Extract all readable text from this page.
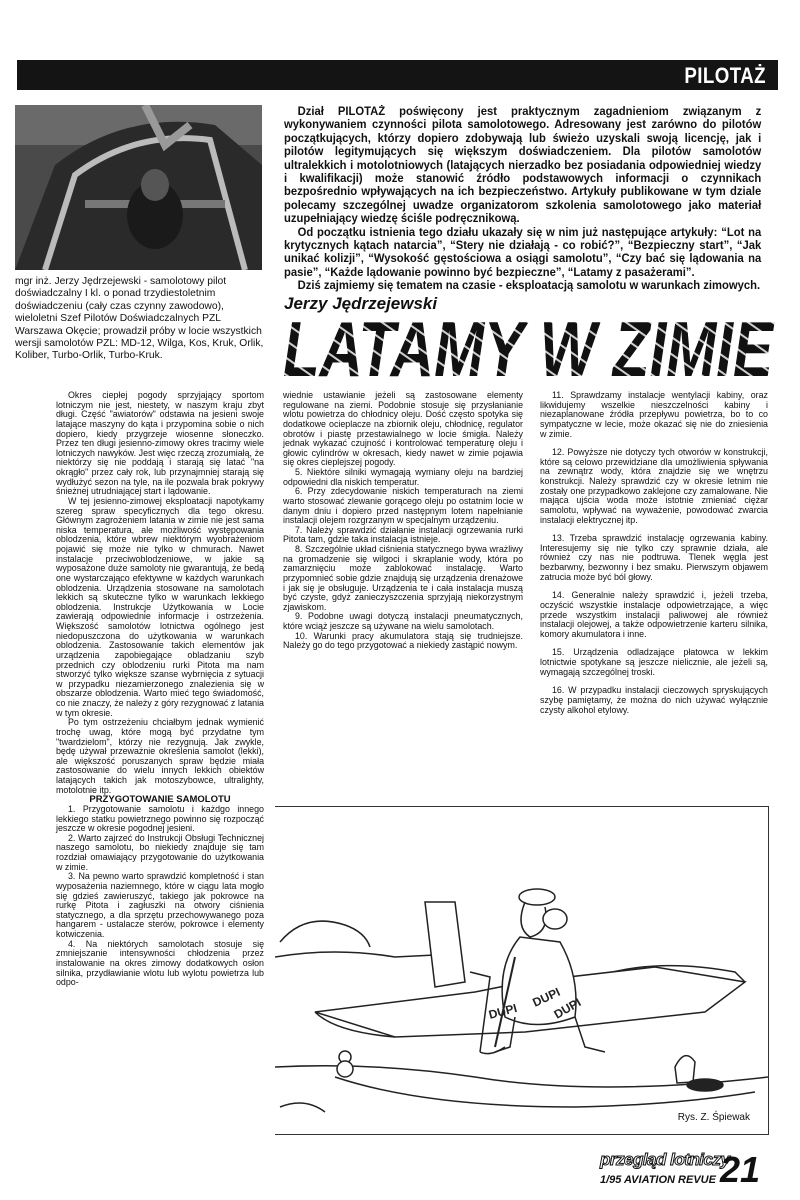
PILOTAŻ
mgr inż. Jerzy Jędrzejewski - samolotowy pilot doświadczalny I kl. o ponad trzydiestoletnim doświadczeniu (cały czas czynny zawodowo), wieloletni Szef Pilotów Doświadczalnych PZL Warszawa Okęcie; prowadził próby w locie wszystkich wersji samolotów PZL: MD-12, Wilga, Kos, Kruk, Orlik, Koliber, Turbo-Orlik, Turbo-Kruk.

Dział PILOTAŻ poświęcony jest praktycznym zagadnieniom związanym z wykonywaniem czynności pilota samolotowego. Adresowany jest zarówno do pilotów początkujących, którzy dopiero zdobywają lub świeżo uzyskali swoją licencję, jak i pilotów legitymujących się większym doświadczeniem. Dla pilotów samolotów ultralekkich i motolotniowych (latających nierzadko bez posiadania odpowiedniej wiedzy i kwalifikacji) może stanowić źródło podstawowych informacji o czynnikach bezpośrednio wpływających na ich bezpieczeństwo. Artykuły publikowane w tym dziale polecamy szczególnej uwadze organizatorom szkolenia samolotowego jako materiał uzupełniający wiedzę ściśle podręcznikową.

Od początku istnienia tego działu ukazały się w nim już następujące artykuły: “Lot na krytycznych kątach natarcia”, “Stery nie działają - co robić?”, “Bezpieczny start”, “Jak unikać kolizji”, “Wysokość gęstościowa a osiągi samolotu”, “Czy bać się lądowania na pasie”, “Każde lądowanie powinno być bezpieczne”, “Latamy z pasażerami”.

Dziś zajmiemy się tematem na czasie - eksploatacją samolotu w warunkach zimowych.

Jerzy Jędrzejewski
LATAMY W ZIMIE

Okres ciepłej pogody sprzyjający sportom lotniczym nie jest, niestety, w naszym kraju zbyt długi. Część "awiatorów" odstawia na jesieni swoje latające maszyny do kąta i przypomina sobie o nich dopiero, kiedy przygrzeje wiosenne słoneczko. Przez ten długi jesienno-zimowy okres tracimy wiele lotniczych nawyków. Jest więc rzeczą zrozumiałą, że niektórzy się nie poddają i starają się latać "na okrągło" przez cały rok, lub przynajmniej starają się wydłużyć sezon na tyle, na ile pozwala brak pokrywy śnieżnej utrudniającej start i lądowanie.

W tej jesienno-zimowej eksploatacji napotykamy szereg spraw specyficznych dla tego okresu. Głównym zagrożeniem latania w zimie nie jest sama niska temperatura, ale możliwość występowania oblodzenia, które wbrew niektórym wyobrażeniom pojawić się może nie tylko w chmurach. Nawet instalacje przeciwoblodzeniowe, w jakie są wyposażone duże samoloty nie gwarantują, że bedą one wystarczająco efektywne w każdych warunkach oblodzenia. Urządzenia stosowane na samolotach lekkich są skuteczne tylko w warunkach lekkiego oblodzenia. Instrukcje Użytkowania w Locie zawierają odpowiednie informacje i ostrzeżenia. Większość samolotów lotnictwa ogólnego jest niedopuszczona do użytkowania w warunkach oblodzenia. Zastosowanie takich elementów jak urządzenia zapobiegające obladzaniu szyb przednich czy oblodzeniu rurki Pitota ma nam stworzyć tylko większe szanse wybrnięcia z sytuacji w przypadku niezamierzonego znalezienia się w obszarze oblodzenia. Warto mieć tego świadomość, co nie znaczy, że należy z góry rezygnować z latania w tym okresie.

Po tym ostrzeżeniu chciałbym jednak wymienić trochę uwag, które mogą być przydatne tym "twardzielom", którzy nie rezygnują. Jak zwykle, będę używał przeważnie określenia samolot (lekki), ale większość poruszanych spraw będzie miała zastosowanie do wielu innych lekkich obiektów latających takich jak motoszybowce, ultralighty, motolotnie itp.

PRZYGOTOWANIE SAMOLOTU

1. Przygotowanie samolotu i każdgo innego lekkiego statku powietrznego powinno się rozpocząć jeszcze w okresie pogodnej jesieni.

2. Warto zajrzeć do Instrukcji Obsługi Technicznej naszego samolotu, bo niekiedy znajduje się tam rozdział omawiający przygotowanie do użytkowania w zimie.

3. Na pewno warto sprawdzić kompletność i stan wyposażenia naziemnego, które w ciągu lata mogło się gdzieś zawieruszyć, takiego jak pokrowce na rurkę Pitota i zagłuszki na otwory ciśnienia statycznego, a dla sprzętu przechowywanego poza hangarem - ustalacze sterów, pokrowce i elementy kotwiczenia.

4. Na niektórych samolotach stosuje się zmniejszanie intensywności chłodzenia przez instalowanie na okres zimowy dodatkowych osłon silnika, przydławianie wlotu lub wylotu powietrza lub odpo-

wiednie ustawianie jeżeli są zastosowane elementy regulowane na ziemi. Podobnie stosuje się przysłanianie wlotu powietrza do chłodnicy oleju. Dość często spotyka się dodatkowe ocieplacze na zbiornik oleju, chłodnicę, regulator obrotów i piastę przestawialnego w locie śmigła. Należy jednak wykazać czujność i kontrolować temperaturę oleju i głowic cylindrów w okresach, kiedy nawet w zimie pojawia się okres cieplejszej pogody.

5. Niektóre silniki wymagają wymiany oleju na bardziej odpowiedni dla niskich temperatur.

6. Przy zdecydowanie niskich temperaturach na ziemi warto stosować zlewanie gorącego oleju po ostatnim locie w danym dniu i dopiero przed następnym lotem napełnianie instalacji olejem rozgrzanym w specjalnym urządzeniu.

7. Należy sprawdzić działanie instalacji ogrzewania rurki Pitota tam, gdzie taka instalacja istnieje.

8. Szczególnie układ ciśnienia statycznego bywa wrażliwy na gromadzenie się wilgoci i skraplanie wody, która po zamarznięciu może zablokować instalację. Warto przypomnieć sobie gdzie znajdują się urządzenia drenażowe i jak się je obsługuje. Urządzenia te i cała instalacja muszą być czyste, gdyż zanieczyszczenia sprzyjają niekorzystnym zjawiskom.

9. Podobne uwagi dotyczą instalacji pneumatycznych, które wciąż jeszcze są używane na wielu samolotach.

10. Warunki pracy akumulatora stają się trudniejsze. Należy go do tego przygotować a niekiedy zastąpić nowym.

11. Sprawdzamy instalacje wentylacji kabiny, oraz likwidujemy wszelkie nieszczelności kabiny i niezaplanowane źródła przepływu powietrza, bo to co sympatyczne w lecie, może okazać się nie do zniesienia w zimie.

12. Powyższe nie dotyczy tych otworów w konstrukcji, które są celowo przewidziane dla umożliwienia spływania na zewnątrz wody, która znajdzie się we wnętrzu konstrukcji. Należy sprawdzić czy w okresie letnim nie zostały one przypadkowo zaklejone czy zamalowane. Nie mająca ujścia woda może istotnie zmieniać ciężar samolotu, wpływać na wyważenie, powodować zwarcia instalacji elektrycznej itp.

13. Trzeba sprawdzić instalację ogrzewania kabiny. Interesujemy się nie tylko czy sprawnie działa, ale również czy nas nie podtruwa. Tlenek węgla jest bezbarwny, bezwonny i bez smaku. Pierwszym objawem zatrucia może być ból głowy.

14. Generalnie należy sprawdzić i, jeżeli trzeba, oczyścić wszystkie instalacje odpowietrzające, a więc przede wszystkim instalacji paliwowej ale również instalacji olejowej, a także odpowietrzenie karteru silnika, komory akumulatora i inne.

15. Urządzenia odladzające płatowca w lekkim lotnictwie spotykane są jeszcze nielicznie, ale jeżeli są, wymagają szczególnej troski.

16. W przypadku instalacji cieczowych spryskujących szybę pamiętamy, że można do nich używać wyłącznie czysty alkohol etylowy.

DUPI
DUPI
DUPI
Rys. Z. Śpiewak
przegląd lotniczy
1/95 AVIATION REVUE 21
